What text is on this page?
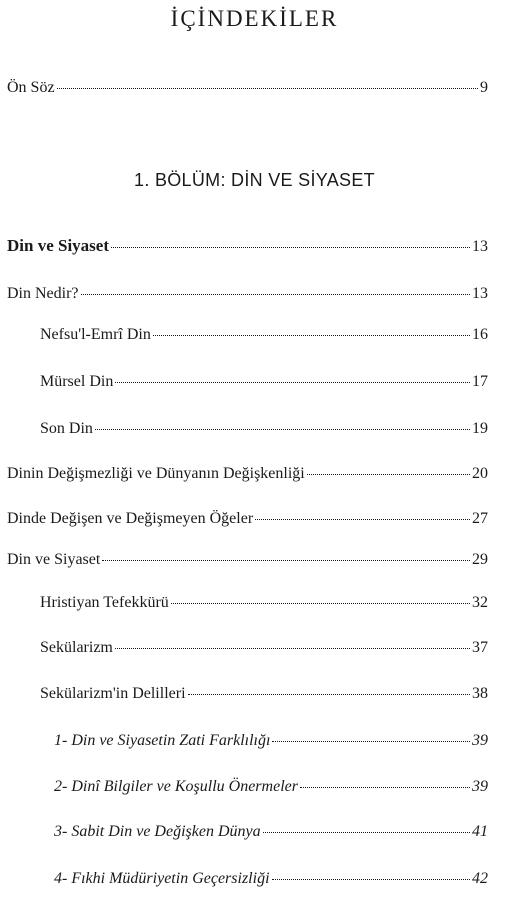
İÇİNDEKİLER
Ön Söz	9
1. BÖLÜM: DİN VE SİYASET
Din ve Siyaset	13
Din Nedir?	13
Nefsu'l-Emrî Din	16
Mürsel Din	17
Son Din	19
Dinin Değişmezliği ve Dünyanın Değişkenliği	20
Dinde Değişen ve Değişmeyen Öğeler	27
Din ve Siyaset	29
Hristiyan Tefekkürü	32
Sekülarizm	37
Sekülarizm'in Delilleri	38
1- Din ve Siyasetin Zati Farklılığı	39
2- Dinî Bilgiler ve Koşullu Önermeler	39
3- Sabit Din ve Değişken Dünya	41
4- Fıkhi Müdüriyetin Geçersizliği	42
